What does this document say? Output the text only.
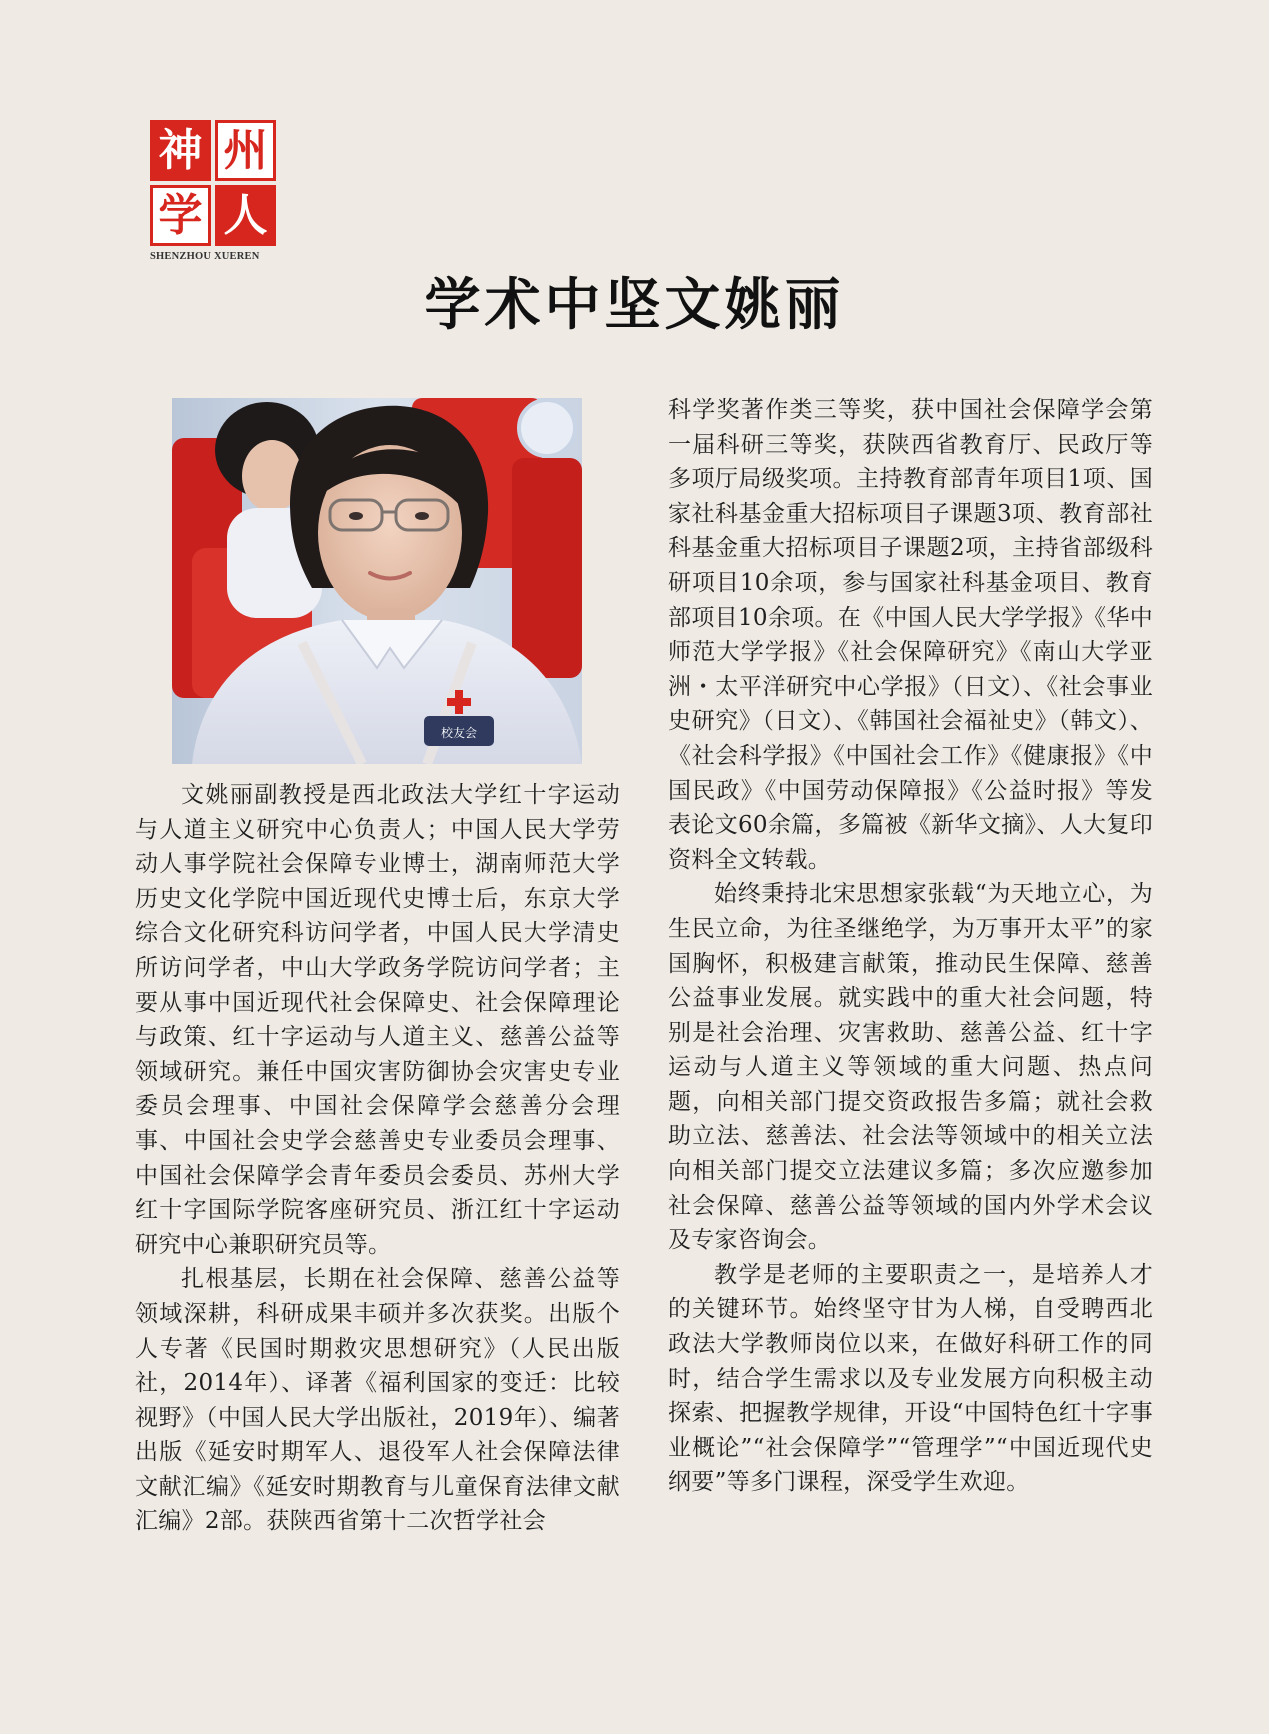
神 州
学 人
SHENZHOU XUEREN
学术中坚文姚丽
校友会

文姚丽副教授是西北政法大学红十字运动与人道主义研究中心负责人；中国人民大学劳动人事学院社会保障专业博士，湖南师范大学历史文化学院中国近现代史博士后，东京大学综合文化研究科访问学者，中国人民大学清史所访问学者，中山大学政务学院访问学者；主要从事中国近现代社会保障史、社会保障理论与政策、红十字运动与人道主义、慈善公益等领域研究。兼任中国灾害防御协会灾害史专业委员会理事、中国社会保障学会慈善分会理事、中国社会史学会慈善史专业委员会理事、中国社会保障学会青年委员会委员、苏州大学红十字国际学院客座研究员、浙江红十字运动研究中心兼职研究员等。

扎根基层，长期在社会保障、慈善公益等领域深耕，科研成果丰硕并多次获奖。出版个人专著《民国时期救灾思想研究》（人民出版社，2014年）、译著《福利国家的变迁：比较视野》（中国人民大学出版社，2019年）、编著出版《延安时期军人、退役军人社会保障法律文献汇编》《延安时期教育与儿童保育法律文献汇编》2部。获陕西省第十二次哲学社会

科学奖著作类三等奖，获中国社会保障学会第一届科研三等奖，获陕西省教育厅、民政厅等多项厅局级奖项。主持教育部青年项目1项、国家社科基金重大招标项目子课题3项、教育部社科基金重大招标项目子课题2项，主持省部级科研项目10余项，参与国家社科基金项目、教育部项目10余项。在《中国人民大学学报》《华中师范大学学报》《社会保障研究》《南山大学亚洲・太平洋研究中心学报》（日文）、《社会事业史研究》（日文）、《韩国社会福祉史》（韩文）、《社会科学报》《中国社会工作》《健康报》《中国民政》《中国劳动保障报》《公益时报》等发表论文60余篇，多篇被《新华文摘》、人大复印资料全文转载。

始终秉持北宋思想家张载“为天地立心，为生民立命，为往圣继绝学，为万事开太平”的家国胸怀，积极建言献策，推动民生保障、慈善公益事业发展。就实践中的重大社会问题，特别是社会治理、灾害救助、慈善公益、红十字运动与人道主义等领域的重大问题、热点问题，向相关部门提交资政报告多篇；就社会救助立法、慈善法、社会法等领域中的相关立法向相关部门提交立法建议多篇；多次应邀参加社会保障、慈善公益等领域的国内外学术会议及专家咨询会。

教学是老师的主要职责之一，是培养人才的关键环节。始终坚守甘为人梯，自受聘西北政法大学教师岗位以来，在做好科研工作的同时，结合学生需求以及专业发展方向积极主动探索、把握教学规律，开设“中国特色红十字事业概论”“社会保障学”“管理学”“中国近现代史纲要”等多门课程，深受学生欢迎。
